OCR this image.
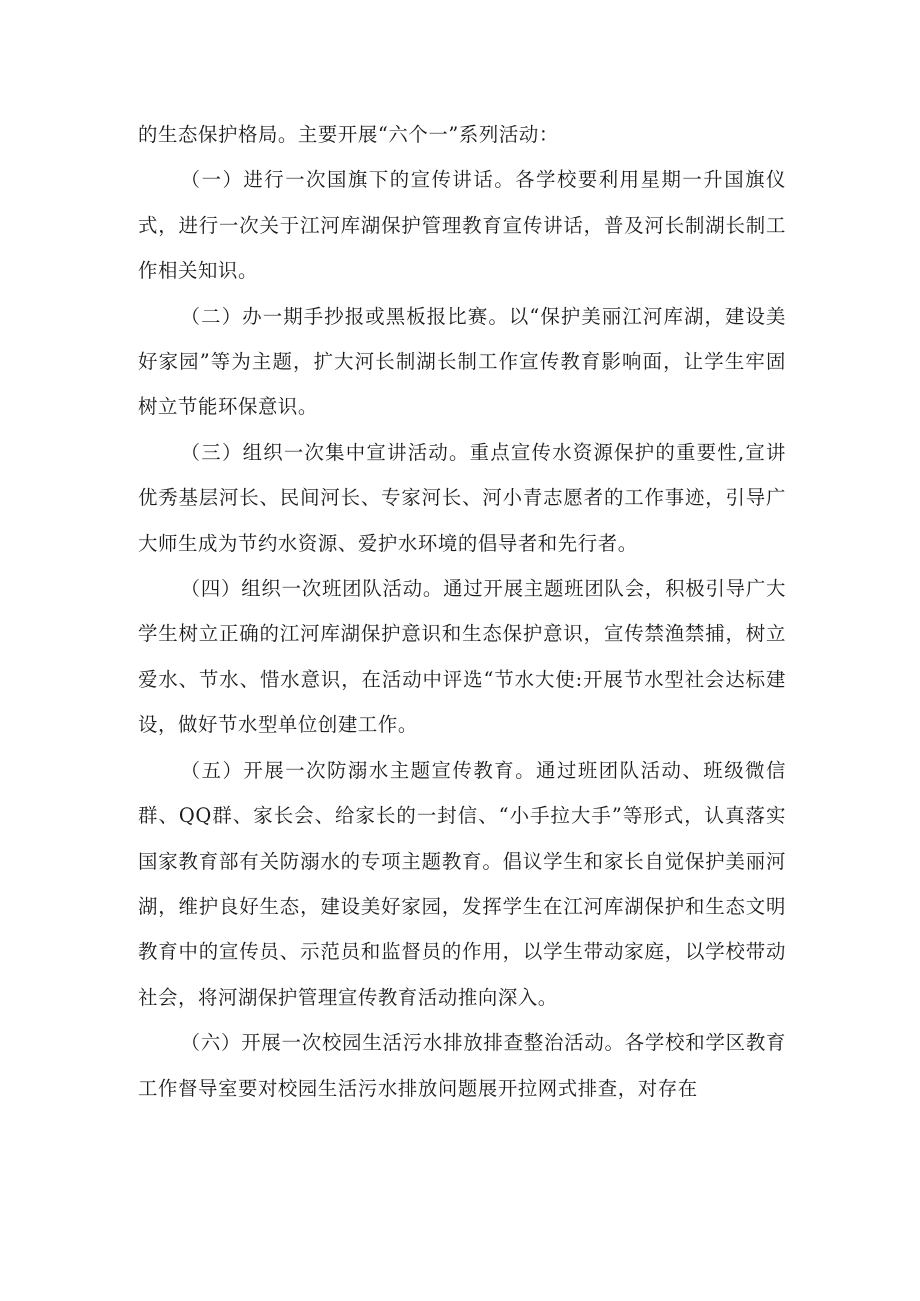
的生态保护格局。主要开展“六个一”系列活动：

（一）进行一次国旗下的宣传讲话。各学校要利用星期一升国旗仪式，进行一次关于江河库湖保护管理教育宣传讲话，普及河长制湖长制工作相关知识。

（二）办一期手抄报或黑板报比赛。以“保护美丽江河库湖，建设美好家园”等为主题，扩大河长制湖长制工作宣传教育影响面，让学生牢固树立节能环保意识。

（三）组织一次集中宣讲活动。重点宣传水资源保护的重要性,宣讲优秀基层河长、民间河长、专家河长、河小青志愿者的工作事迹，引导广大师生成为节约水资源、爱护水环境的倡导者和先行者。

（四）组织一次班团队活动。通过开展主题班团队会，积极引导广大学生树立正确的江河库湖保护意识和生态保护意识，宣传禁渔禁捕，树立爱水、节水、惜水意识，在活动中评选“节水大使:开展节水型社会达标建设，做好节水型单位创建工作。

（五）开展一次防溺水主题宣传教育。通过班团队活动、班级微信群、QQ群、家长会、给家长的一封信、“小手拉大手”等形式，认真落实国家教育部有关防溺水的专项主题教育。倡议学生和家长自觉保护美丽河湖，维护良好生态，建设美好家园，发挥学生在江河库湖保护和生态文明教育中的宣传员、示范员和监督员的作用，以学生带动家庭，以学校带动社会，将河湖保护管理宣传教育活动推向深入。

（六）开展一次校园生活污水排放排查整治活动。各学校和学区教育工作督导室要对校园生活污水排放问题展开拉网式排查，对存在
